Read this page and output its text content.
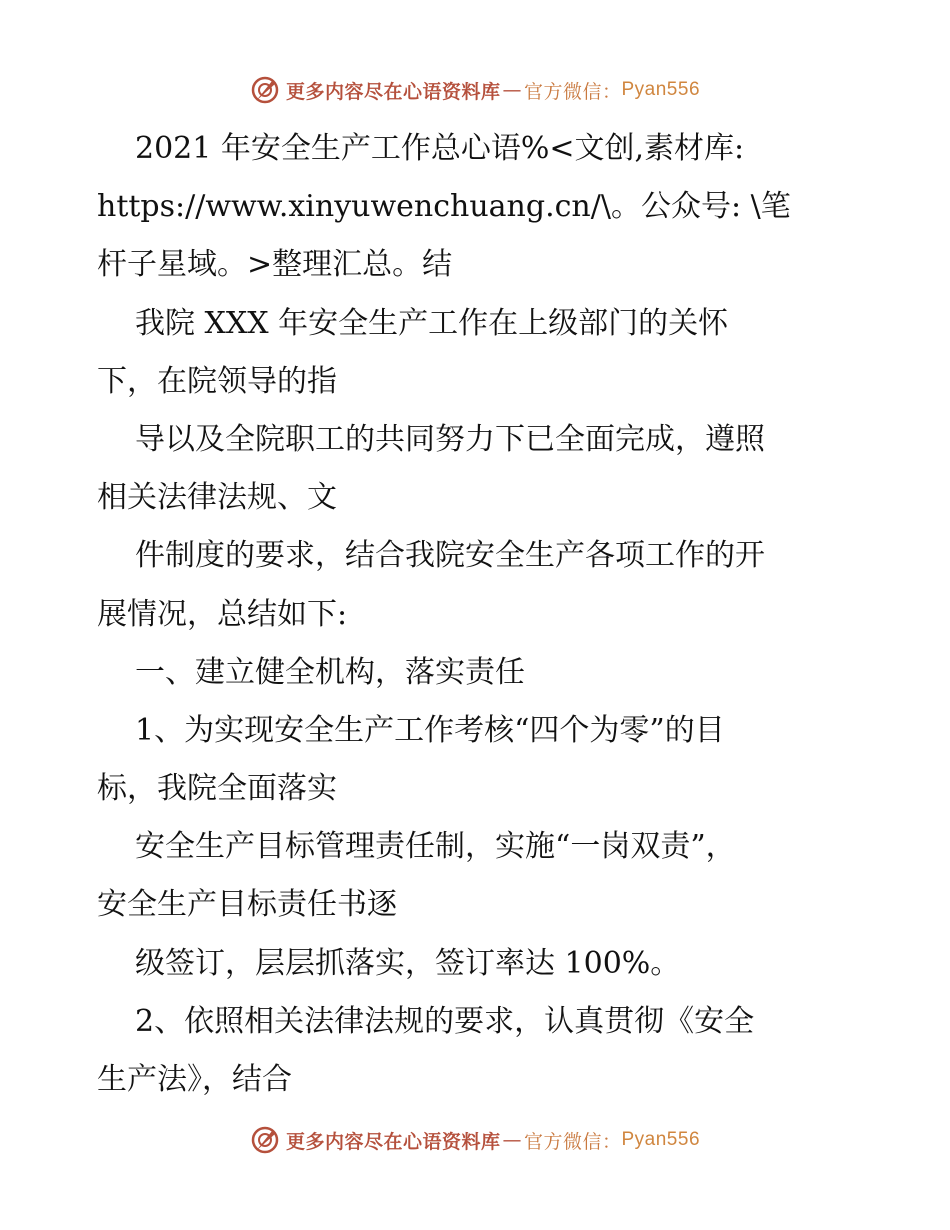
更多内容尽在心语资料库 — 官方微信： Pyan556
2021 年安全生产工作总心语%<文创,素材库:
https://www.xinyuwenchuang.cn/\。公众号: \笔
杆子星域。>整理汇总。结
我院 XXX 年安全生产工作在上级部门的关怀
下，在院领导的指
导以及全院职工的共同努力下已全面完成，遵照
相关法律法规、文
件制度的要求，结合我院安全生产各项工作的开
展情况，总结如下:
一、建立健全机构，落实责任
1、为实现安全生产工作考核“四个为零”的目
标，我院全面落实
安全生产目标管理责任制，实施“一岗双责”，
安全生产目标责任书逐
级签订，层层抓落实，签订率达 100%。
2、依照相关法律法规的要求，认真贯彻《安全
生产法》，结合
更多内容尽在心语资料库 — 官方微信： Pyan556
